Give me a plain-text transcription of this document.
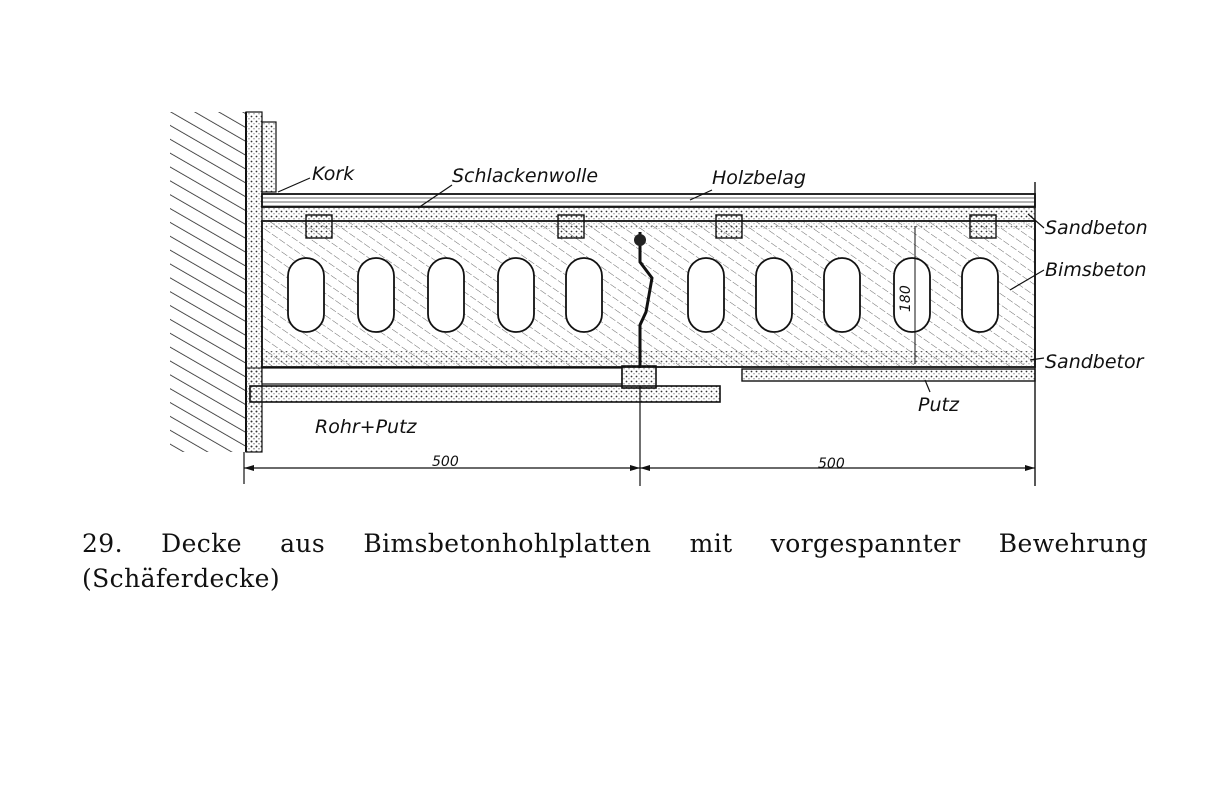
Kork	Schlackenwolle	Holzbelag
Sandbeton
Bimsbeton
Sandbetor
Putz
Rohr+Putz
180
500	500
29. Decke aus Bimsbetonhohlplatten mit vorgespannter Bewehrung
(Schäferdecke)
